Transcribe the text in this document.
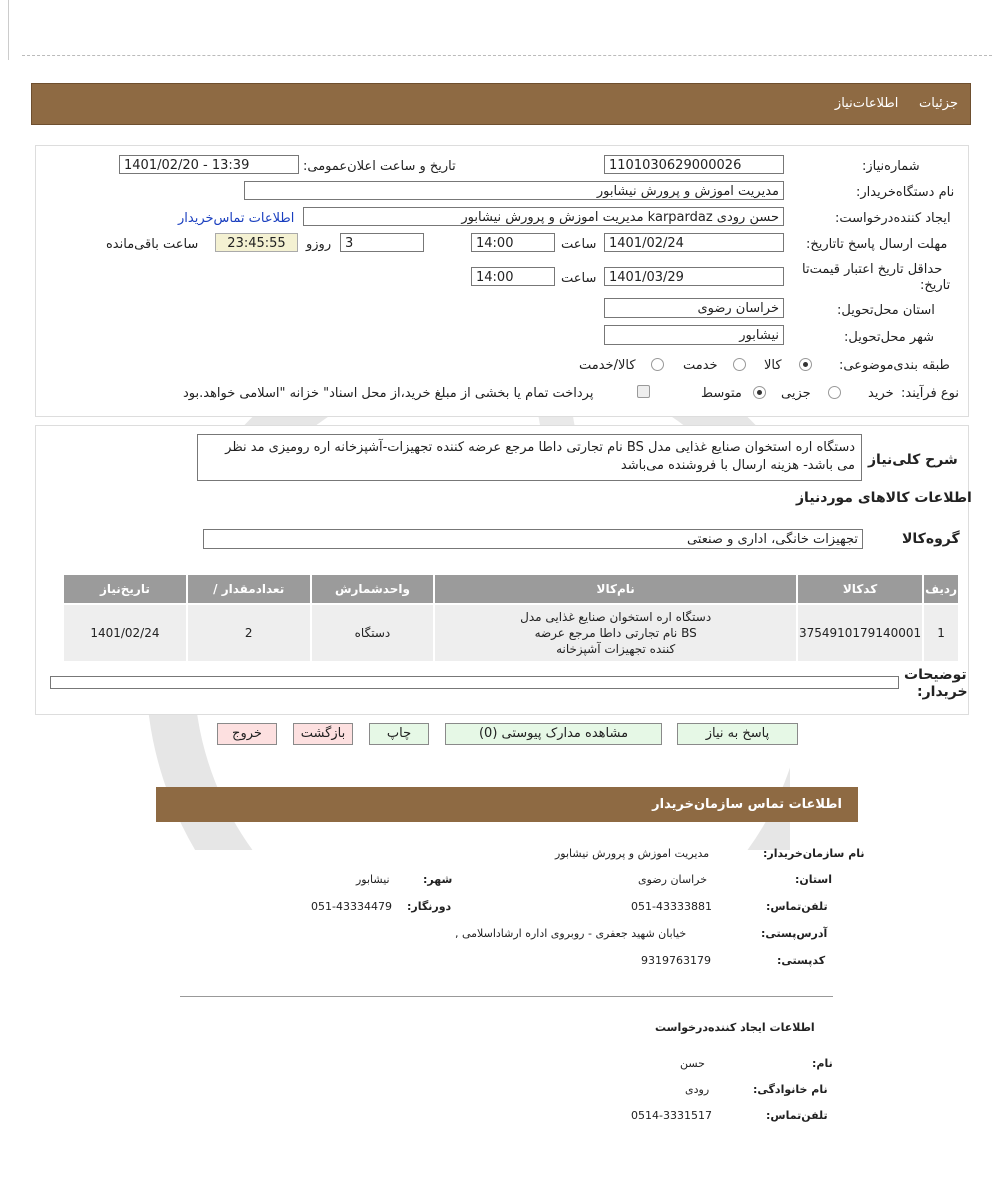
جزئیات     اطلاعات‌نیاز
شماره‌نیاز:
1101030629000026
تاریخ و ساعت اعلان‌عمومی:
1401/02/20 - 13:39
نام دستگاه‌خریدار:
مدیریت اموزش و پرورش نیشابور
ایجاد کننده‌درخواست:
حسن رودی karpardaz مدیریت اموزش و پرورش نیشابور
اطلاعات تماس‌خریدار
مهلت ارسال پاسخ تا‌تاریخ:
1401/02/24
ساعت
14:00
3
روزو
23:45:55
ساعت باقی‌مانده
حداقل تاریخ اعتبار قیمت‌تا
تاریخ:
1401/03/29
ساعت
14:00
استان محل‌تحویل:
خراسان رضوی
شهر محل‌تحویل:
نیشابور
طبقه بندی‌موضوعی:
کالا
خدمت
کالا/خدمت
نوع فرآیند:
خرید
جزیی
متوسط
پرداخت تمام یا بخشی از مبلغ خرید،از محل اسناد" خزانه "اسلامی خواهد.بود
شرح کلی‌نیاز
دستگاه اره استخوان صنایع غذایی مدل BS نام تجارتی داطا مرجع عرضه کننده تجهیزات-آشپزخانه اره رومیزی مد نظر می باشد- هزینه ارسال با فروشنده می‌باشد
اطلاعات کالاهای موردنیاز
گروه‌کالا
تجهیزات خانگی، اداری و صنعتی
ردیف	کدکالا	نام‌کالا	واحدشمارش	تعدادمقدار /	تاریخ‌نیاز
1	3754910179140001	دستگاه اره استخوان صنایع غذایی مدل
BS نام تجارتی داطا مرجع عرضه
کننده تجهیزات آشپزخانه	دستگاه	2	1401/02/24
توضیحات
خریدار:
پاسخ به نیاز
مشاهده مدارک پیوستی (0)
چاپ
بازگشت
خروج
اطلاعات تماس سازمان‌خریدار
نام سازمان‌خریدار:
مدیریت اموزش و پرورش نیشابور
استان:
خراسان رضوی
شهر:
نیشابور
تلفن‌تماس:
051-43333881
دورنگار:
051-43334479
آدرس‌پستی:
خیابان شهید جعفری - روبروی اداره ارشاداسلامی ,
کدپستی:
9319763179
اطلاعات ایجاد کننده‌درخواست
نام:
حسن
نام خانوادگی:
رودی
تلفن‌تماس:
0514-3331517
